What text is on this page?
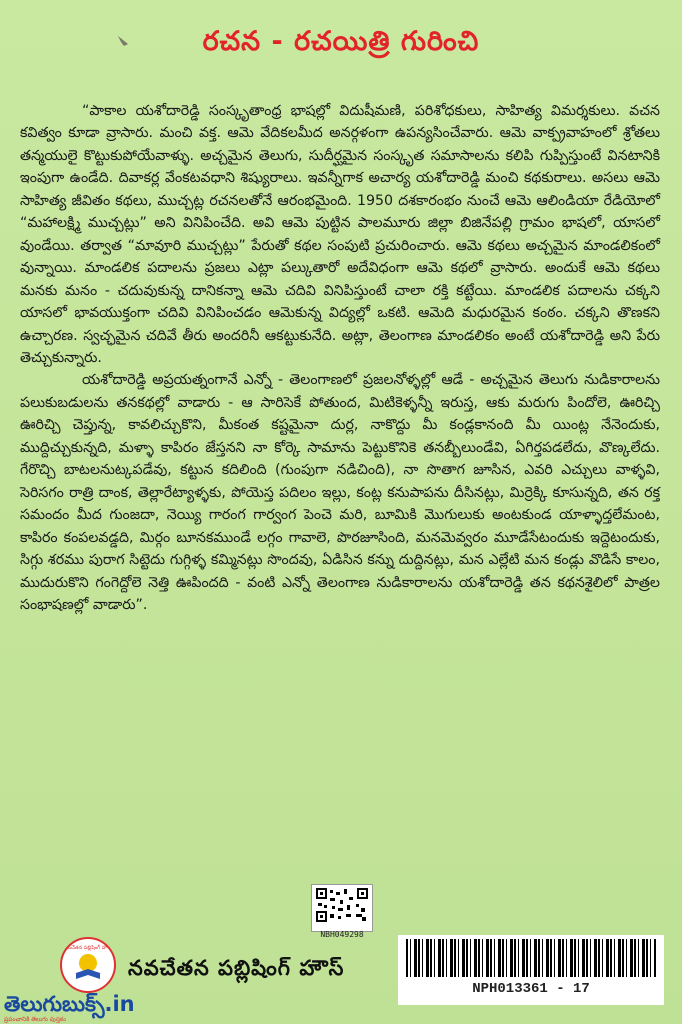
రచన - రచయిత్రి గురించి

“పాకాల యశోదారెడ్డి సంస్కృతాంధ్ర భాషల్లో విదుషీమణి, పరిశోధకులు, సాహిత్య విమర్శకులు. వచన కవిత్వం కూడా వ్రాసారు. మంచి వక్త. ఆమె వేదికలమీద అనర్గళంగా ఉపన్యసించేవారు. ఆమె వాక్ప్రవాహంలో శ్రోతలు తన్మయులై కొట్టుకుపోయేవాళ్ళు. అచ్చమైన తెలుగు, సుదీర్ఘమైన సంస్కృత సమాసాలను కలిపి గుప్పిస్తుంటే వినటానికి ఇంపుగా ఉండేది. దివాకర్ల వేంకటవధాని శిష్యురాలు. ఇవన్నీగాక అచార్య యశోదారెడ్డి మంచి కథకురాలు. అసలు ఆమె సాహిత్య జీవితం కథలు, ముచ్చట్ల రచనలతోనే ఆరంభమైంది. 1950 దశకారంభం నుంచే ఆమె ఆలిండియా రేడియోలో “మహాలక్ష్మి ముచ్చట్లు” అని వినిపించేది. అవి ఆమె పుట్టిన పాలమూరు జిల్లా బిజినేపల్లి గ్రామం భాషలో, యాసలో వుండేయి. తర్వాత “మావూరి ముచ్చట్లు” పేరుతో కథల సంపుటి ప్రచురించారు. ఆమె కథలు అచ్చమైన మాండలికంలో వున్నాయి. మాండలిక పదాలను ప్రజలు ఎట్లా పల్కుతారో అదేవిధంగా ఆమె కథలో వ్రాసారు. అందుకే ఆమె కథలు మనకు మనం - చదువుకున్న దానికన్నా ఆమె చదివి వినిపిస్తుంటే చాలా రక్తి కట్టేయి. మాండలిక పదాలను చక్కని యాసలో భావయుక్తంగా చదివి వినిపించడం ఆమెకున్న విద్యల్లో ఒకటి. ఆమెది మధురమైన కంఠం. చక్కని తొణకని ఉచ్చారణ. స్వచ్ఛమైన చదివే తీరు అందరినీ ఆకట్టుకునేది. అట్లా, తెలంగాణ మాండలికం అంటే యశోదారెడ్డి అని పేరు తెచ్చుకున్నారు.

యశోదారెడ్డి అప్రయత్నంగానే ఎన్నో - తెలంగాణలో ప్రజలనోళ్ళల్లో ఆడే - అచ్చమైన తెలుగు నుడికారాలను పలుకుబడులను తనకథల్లో వాడారు - ఆ సారిసెకే పోతుంద, మిటికెళ్ళన్నీ ఇరుస్త, ఆకు మరుగు పిందోలె, ఊరిచ్చి ఊరిచ్చి చెప్తున్న, కావలిచ్చుకొని, మీకంత కష్టమైనా దుర్ల, నాకొద్దు మీ కండ్లకానంది మీ యింట్ల నేనెందుకు, ముద్దిచ్చుకున్నది, మళ్ళా కాపిరం జేస్తనని నా కోర్కె సామాను పెట్టుకొనికె తనబ్బీలుండేవి, ఏగిర్తపడలేదు, వొణ్కలేదు. గేరొచ్చి బాటలనుట్కపడేవు, కట్టున కదిలింది (గుంపుగా నడిచింది), నా సొతాగ జూసిన, ఎవరి ఎచ్చులు వాళ్ళవి, సెరిసగం రాత్రి దాంక, తెల్లారేట్యాళ్ళకు, పోయెస్త పదిలం ఇల్లు, కంట్ల కనుపాపను దీసినట్లు, మిర్రెక్కి కూసున్నది, తన రక్త సమందం మీద గుంజదా, నెయ్యి గారంగ గార్వంగ పెంచె మరి, బూమికి మొగులుకు అంటకుండ యాళ్ళాద్తలేమంట, కాపిరం కంపలవడ్డది, మిర్గం బూనకముండే లగ్గం గావాలె, పొరజూసింది, మనమెవ్వరం మూడేసేటందుకు ఇద్దెటందుకు, సిగ్గు శరము పురాగ సిట్టెదు గుగ్గిళ్ళ కమ్మినట్లు సొందవు, ఏడిసిన కన్ను దుద్దినట్లు, మన ఎల్లేటి మన కండ్లు వొడిసే కాలం, ముదురుకొని గంగెద్దోలె నెత్తి ఊపిందది - వంటి ఎన్నో తెలంగాణ నుడికారాలను యశోదారెడ్డి తన కథనశైలిలో పాత్రల సంభాషణల్లో వాడారు”.

నవచేతన పబ్లిషింగ్ హౌస్
NBH049298
నవచేతన పబ్లిషింగ్ హౌస్
NPH013361 - 17
తెలుగుబుక్స్.in
ప్రపంచానికి తెలుగు పుస్తకం
